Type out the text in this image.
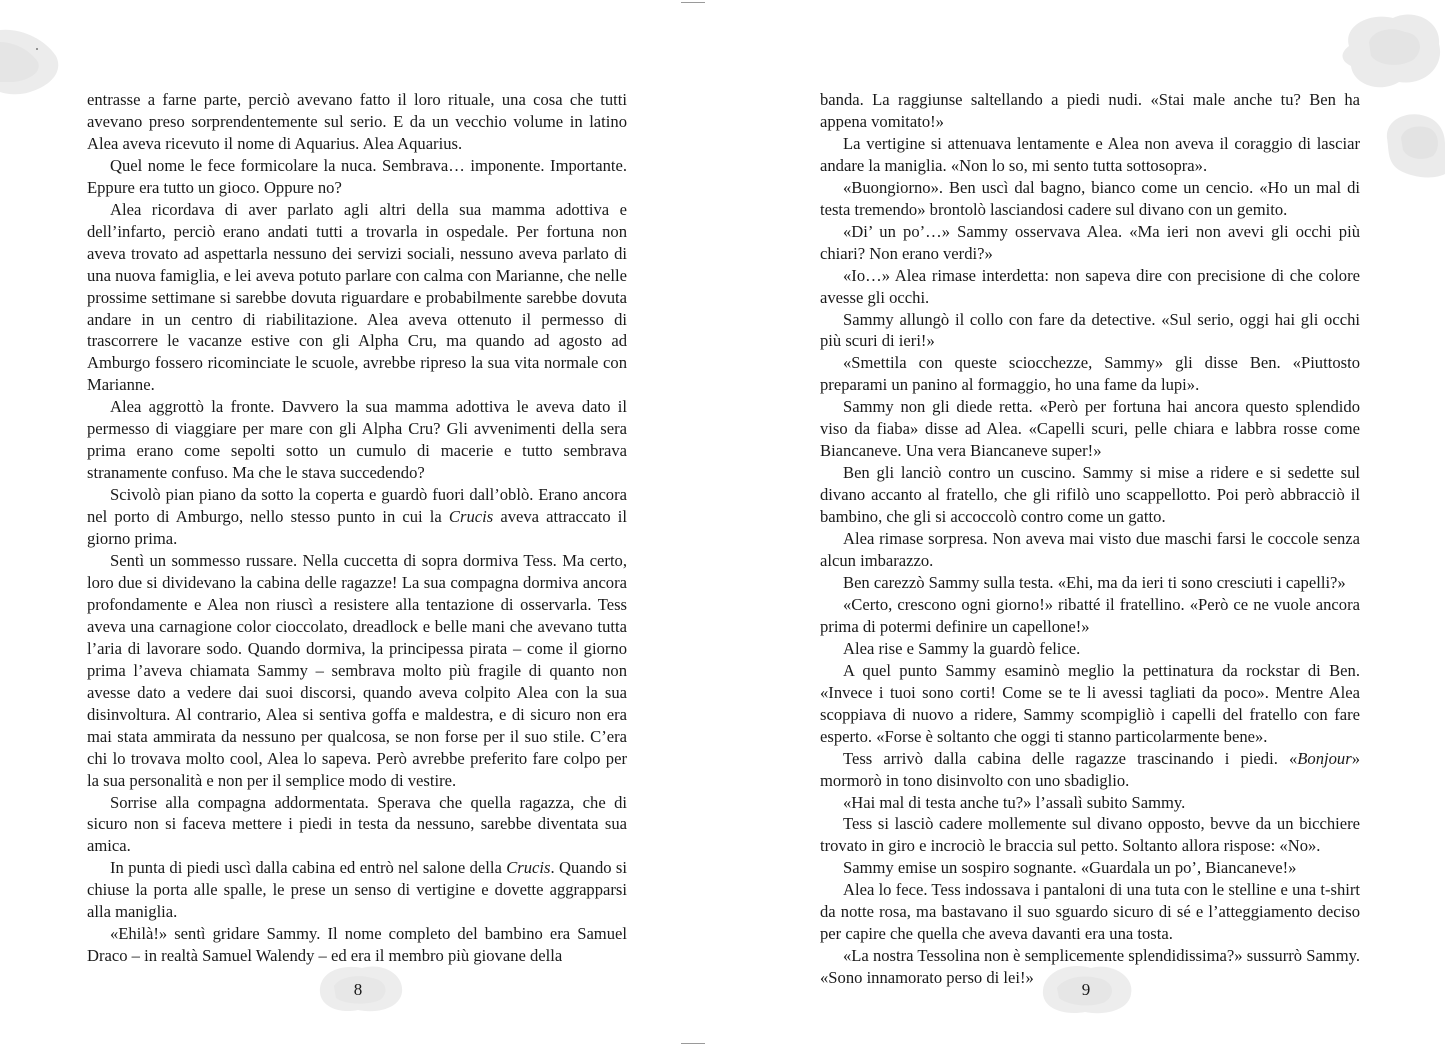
entrasse a farne parte, perciò avevano fatto il loro rituale, una cosa che tutti avevano preso sorprendentemente sul serio. E da un vecchio volume in latino Alea aveva ricevuto il nome di Aquarius. Alea Aquarius.

Quel nome le fece formicolare la nuca. Sembrava… imponente. Importante. Eppure era tutto un gioco. Oppure no?

Alea ricordava di aver parlato agli altri della sua mamma adottiva e dell’infarto, perciò erano andati tutti a trovarla in ospedale. Per fortuna non aveva trovato ad aspettarla nessuno dei servizi sociali, nessuno aveva parlato di una nuova famiglia, e lei aveva potuto parlare con calma con Marianne, che nelle prossime settimane si sarebbe dovuta riguardare e probabilmente sarebbe dovuta andare in un centro di riabilitazione. Alea aveva ottenuto il permesso di trascorrere le vacanze estive con gli Alpha Cru, ma quando ad agosto ad Amburgo fossero ricominciate le scuole, avrebbe ripreso la sua vita normale con Marianne.

Alea aggrottò la fronte. Davvero la sua mamma adottiva le aveva dato il permesso di viaggiare per mare con gli Alpha Cru? Gli avvenimenti della sera prima erano come sepolti sotto un cumulo di macerie e tutto sembrava stranamente confuso. Ma che le stava succedendo?

Scivolò pian piano da sotto la coperta e guardò fuori dall’oblò. Erano ancora nel porto di Amburgo, nello stesso punto in cui la Crucis aveva attraccato il giorno prima.

Sentì un sommesso russare. Nella cuccetta di sopra dormiva Tess. Ma certo, loro due si dividevano la cabina delle ragazze! La sua compagna dormiva ancora profondamente e Alea non riuscì a resistere alla tentazione di osservarla. Tess aveva una carnagione color cioccolato, dreadlock e belle mani che avevano tutta l’aria di lavorare sodo. Quando dormiva, la principessa pirata – come il giorno prima l’aveva chiamata Sammy – sembrava molto più fragile di quanto non avesse dato a vedere dai suoi discorsi, quando aveva colpito Alea con la sua disinvoltura. Al contrario, Alea si sentiva goffa e maldestra, e di sicuro non era mai stata ammirata da nessuno per qualcosa, se non forse per il suo stile. C’era chi lo trovava molto cool, Alea lo sapeva. Però avrebbe preferito fare colpo per la sua personalità e non per il semplice modo di vestire.

Sorrise alla compagna addormentata. Sperava che quella ragazza, che di sicuro non si faceva mettere i piedi in testa da nessuno, sarebbe diventata sua amica.

In punta di piedi uscì dalla cabina ed entrò nel salone della Crucis. Quando si chiuse la porta alle spalle, le prese un senso di vertigine e dovette aggrapparsi alla maniglia.

«Ehilà!» sentì gridare Sammy. Il nome completo del bambino era Samuel Draco – in realtà Samuel Walendy – ed era il membro più giovane della

8

banda. La raggiunse saltellando a piedi nudi. «Stai male anche tu? Ben ha appena vomitato!»

La vertigine si attenuava lentamente e Alea non aveva il coraggio di lasciar andare la maniglia. «Non lo so, mi sento tutta sottosopra».

«Buongiorno». Ben uscì dal bagno, bianco come un cencio. «Ho un mal di testa tremendo» brontolò lasciandosi cadere sul divano con un gemito.

«Di’ un po’…» Sammy osservava Alea. «Ma ieri non avevi gli occhi più chiari? Non erano verdi?»

«Io…» Alea rimase interdetta: non sapeva dire con precisione di che colore avesse gli occhi.

Sammy allungò il collo con fare da detective. «Sul serio, oggi hai gli occhi più scuri di ieri!»

«Smettila con queste sciocchezze, Sammy» gli disse Ben. «Piuttosto preparami un panino al formaggio, ho una fame da lupi».

Sammy non gli diede retta. «Però per fortuna hai ancora questo splendido viso da fiaba» disse ad Alea. «Capelli scuri, pelle chiara e labbra rosse come Biancaneve. Una vera Biancaneve super!»

Ben gli lanciò contro un cuscino. Sammy si mise a ridere e si sedette sul divano accanto al fratello, che gli rifilò uno scappellotto. Poi però abbracciò il bambino, che gli si accoccolò contro come un gatto.

Alea rimase sorpresa. Non aveva mai visto due maschi farsi le coccole senza alcun imbarazzo.

Ben carezzò Sammy sulla testa. «Ehi, ma da ieri ti sono cresciuti i capelli?»

«Certo, crescono ogni giorno!» ribatté il fratellino. «Però ce ne vuole ancora prima di potermi definire un capellone!»

Alea rise e Sammy la guardò felice.

A quel punto Sammy esaminò meglio la pettinatura da rockstar di Ben. «Invece i tuoi sono corti! Come se te li avessi tagliati da poco». Mentre Alea scoppiava di nuovo a ridere, Sammy scompigliò i capelli del fratello con fare esperto. «Forse è soltanto che oggi ti stanno particolarmente bene».

Tess arrivò dalla cabina delle ragazze trascinando i piedi. «Bonjour» mormorò in tono disinvolto con uno sbadiglio.

«Hai mal di testa anche tu?» l’assalì subito Sammy.

Tess si lasciò cadere mollemente sul divano opposto, bevve da un bicchiere trovato in giro e incrociò le braccia sul petto. Soltanto allora rispose: «No».

Sammy emise un sospiro sognante. «Guardala un po’, Biancaneve!»

Alea lo fece. Tess indossava i pantaloni di una tuta con le stelline e una t-shirt da notte rosa, ma bastavano il suo sguardo sicuro di sé e l’atteggiamento deciso per capire che quella che aveva davanti era una tosta.

«La nostra Tessolina non è semplicemente splendidissima?» sussurrò Sammy. «Sono innamorato perso di lei!»

9
